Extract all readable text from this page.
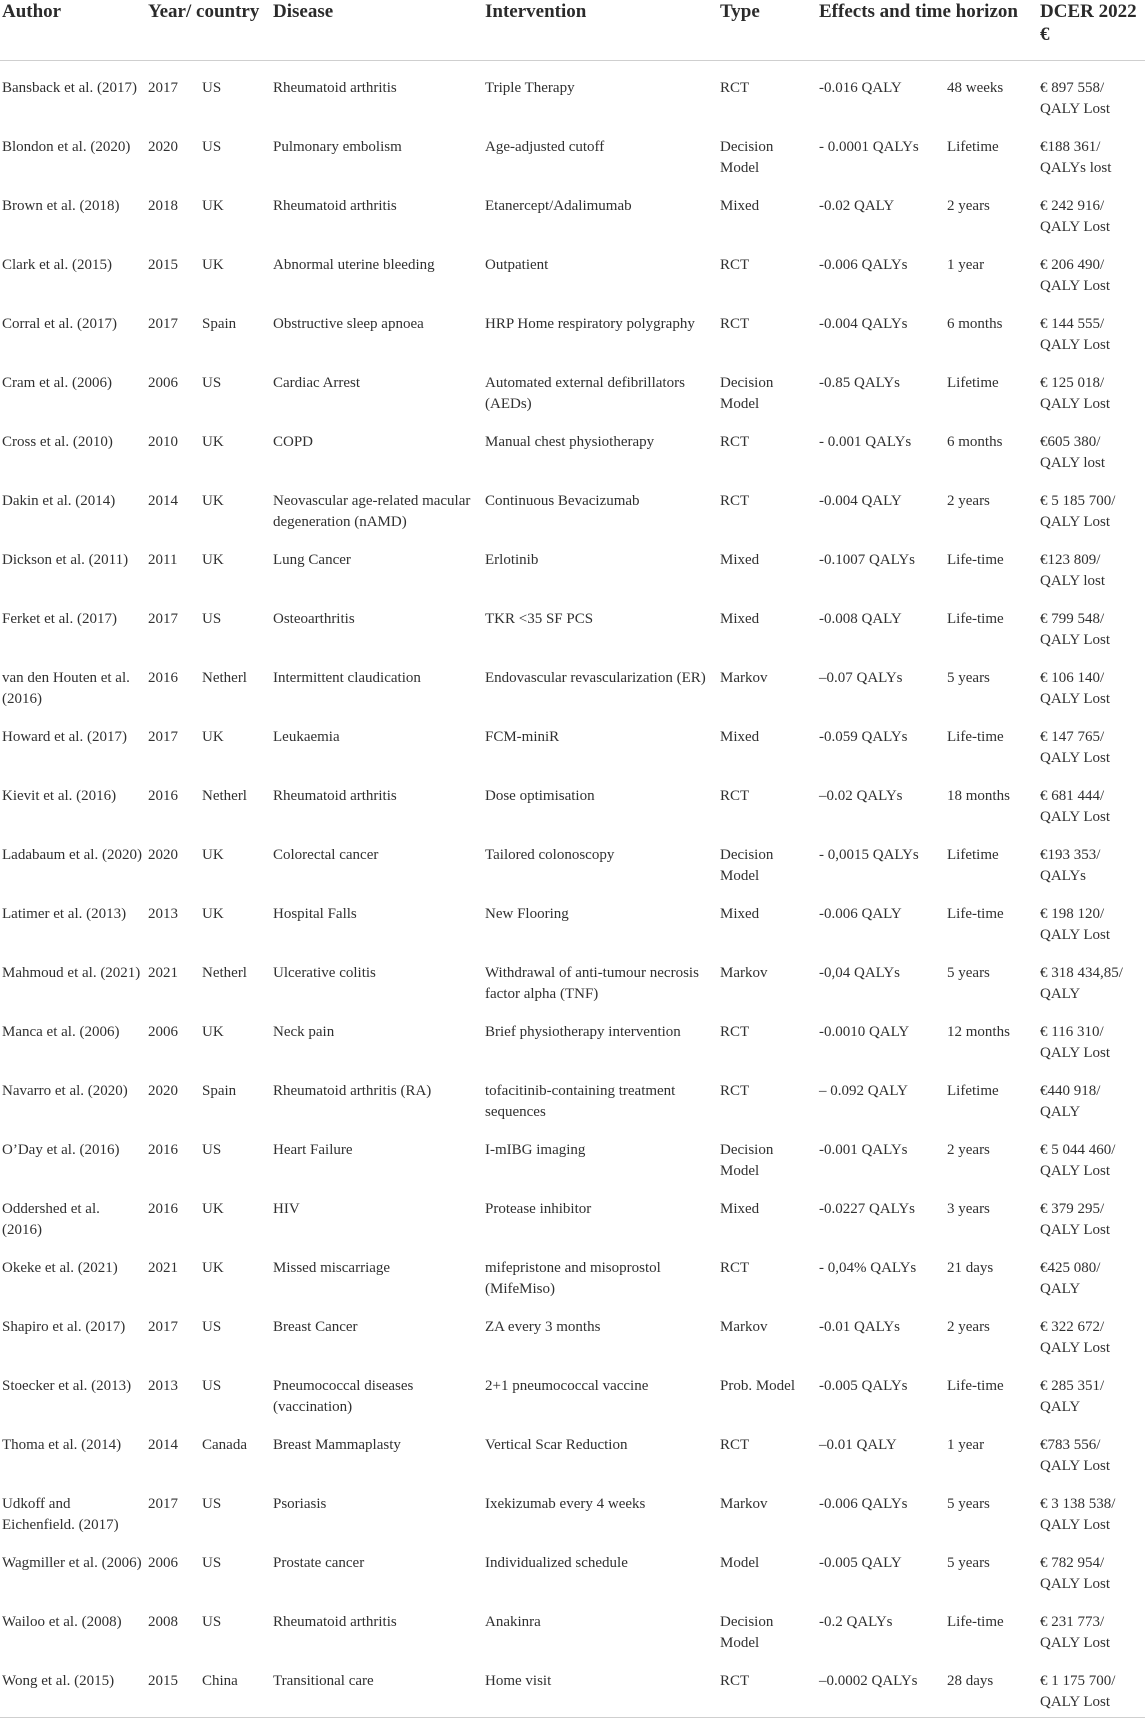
Author	Year/ country		Disease	Intervention	Type	Effects and time horizon		DCER 2022 €
Bansback et al. (2017)	2017	US	Rheumatoid arthritis	Triple Therapy	RCT	-0.016 QALY	48 weeks	€ 897 558/ QALY Lost
Blondon et al. (2020)	2020	US	Pulmonary embolism	Age-adjusted cutoff	Decision Model	- 0.0001 QALYs	Lifetime	€188 361/ QALYs lost
Brown et al. (2018)	2018	UK	Rheumatoid arthritis	Etanercept/Adalimumab	Mixed	-0.02 QALY	2 years	€ 242 916/ QALY Lost
Clark et al. (2015)	2015	UK	Abnormal uterine bleeding	Outpatient	RCT	-0.006 QALYs	1 year	€ 206 490/ QALY Lost
Corral et al. (2017)	2017	Spain	Obstructive sleep apnoea	HRP Home respiratory polygraphy	RCT	-0.004 QALYs	6 months	€ 144 555/ QALY Lost
Cram et al. (2006)	2006	US	Cardiac Arrest	Automated external defibrillators (AEDs)	Decision Model	-0.85 QALYs	Lifetime	€ 125 018/ QALY Lost
Cross et al. (2010)	2010	UK	COPD	Manual chest physiotherapy	RCT	- 0.001 QALYs	6 months	€605 380/ QALY lost
Dakin et al. (2014)	2014	UK	Neovascular age-related macular degeneration (nAMD)	Continuous Bevacizumab	RCT	-0.004 QALY	2 years	€ 5 185 700/ QALY Lost
Dickson et al. (2011)	2011	UK	Lung Cancer	Erlotinib	Mixed	-0.1007 QALYs	Life-time	€123 809/ QALY lost
Ferket et al. (2017)	2017	US	Osteoarthritis	TKR <35 SF PCS	Mixed	-0.008 QALY	Life-time	€ 799 548/ QALY Lost
van den Houten et al. (2016)	2016	Netherl	Intermittent claudication	Endovascular revascularization (ER)	Markov	–0.07 QALYs	5 years	€ 106 140/ QALY Lost
Howard et al. (2017)	2017	UK	Leukaemia	FCM-miniR	Mixed	-0.059 QALYs	Life-time	€ 147 765/ QALY Lost
Kievit et al. (2016)	2016	Netherl	Rheumatoid arthritis	Dose optimisation	RCT	–0.02 QALYs	18 months	€ 681 444/ QALY Lost
Ladabaum et al. (2020)	2020	UK	Colorectal cancer	Tailored colonoscopy	Decision Model	- 0,0015 QALYs	Lifetime	€193 353/ QALYs
Latimer et al. (2013)	2013	UK	Hospital Falls	New Flooring	Mixed	-0.006 QALY	Life-time	€ 198 120/ QALY Lost
Mahmoud et al. (2021)	2021	Netherl	Ulcerative colitis	Withdrawal of anti-tumour necrosis factor alpha (TNF)	Markov	-0,04 QALYs	5 years	€ 318 434,85/ QALY
Manca et al. (2006)	2006	UK	Neck pain	Brief physiotherapy intervention	RCT	-0.0010 QALY	12 months	€ 116 310/ QALY Lost
Navarro et al. (2020)	2020	Spain	Rheumatoid arthritis (RA)	tofacitinib-containing treatment sequences	RCT	– 0.092 QALY	Lifetime	€440 918/ QALY
O’Day et al. (2016)	2016	US	Heart Failure	I-mIBG imaging	Decision Model	-0.001 QALYs	2 years	€ 5 044 460/ QALY Lost
Oddershed et al. (2016)	2016	UK	HIV	Protease inhibitor	Mixed	-0.0227 QALYs	3 years	€ 379 295/ QALY Lost
Okeke et al. (2021)	2021	UK	Missed miscarriage	mifepristone and misoprostol (MifeMiso)	RCT	- 0,04% QALYs	21 days	€425 080/ QALY
Shapiro et al. (2017)	2017	US	Breast Cancer	ZA every 3 months	Markov	-0.01 QALYs	2 years	€ 322 672/ QALY Lost
Stoecker et al. (2013)	2013	US	Pneumococcal diseases (vaccination)	2+1 pneumococcal vaccine	Prob. Model	-0.005 QALYs	Life-time	€ 285 351/ QALY
Thoma et al. (2014)	2014	Canada	Breast Mammaplasty	Vertical Scar Reduction	RCT	–0.01 QALY	1 year	€783 556/ QALY Lost
Udkoff and Eichenfield. (2017)	2017	US	Psoriasis	Ixekizumab every 4 weeks	Markov	-0.006 QALYs	5 years	€ 3 138 538/ QALY Lost
Wagmiller et al. (2006)	2006	US	Prostate cancer	Individualized schedule	Model	-0.005 QALY	5 years	€ 782 954/ QALY Lost
Wailoo et al. (2008)	2008	US	Rheumatoid arthritis	Anakinra	Decision Model	-0.2 QALYs	Life-time	€ 231 773/ QALY Lost
Wong et al. (2015)	2015	China	Transitional care	Home visit	RCT	–0.0002 QALYs	28 days	€ 1 175 700/ QALY Lost
